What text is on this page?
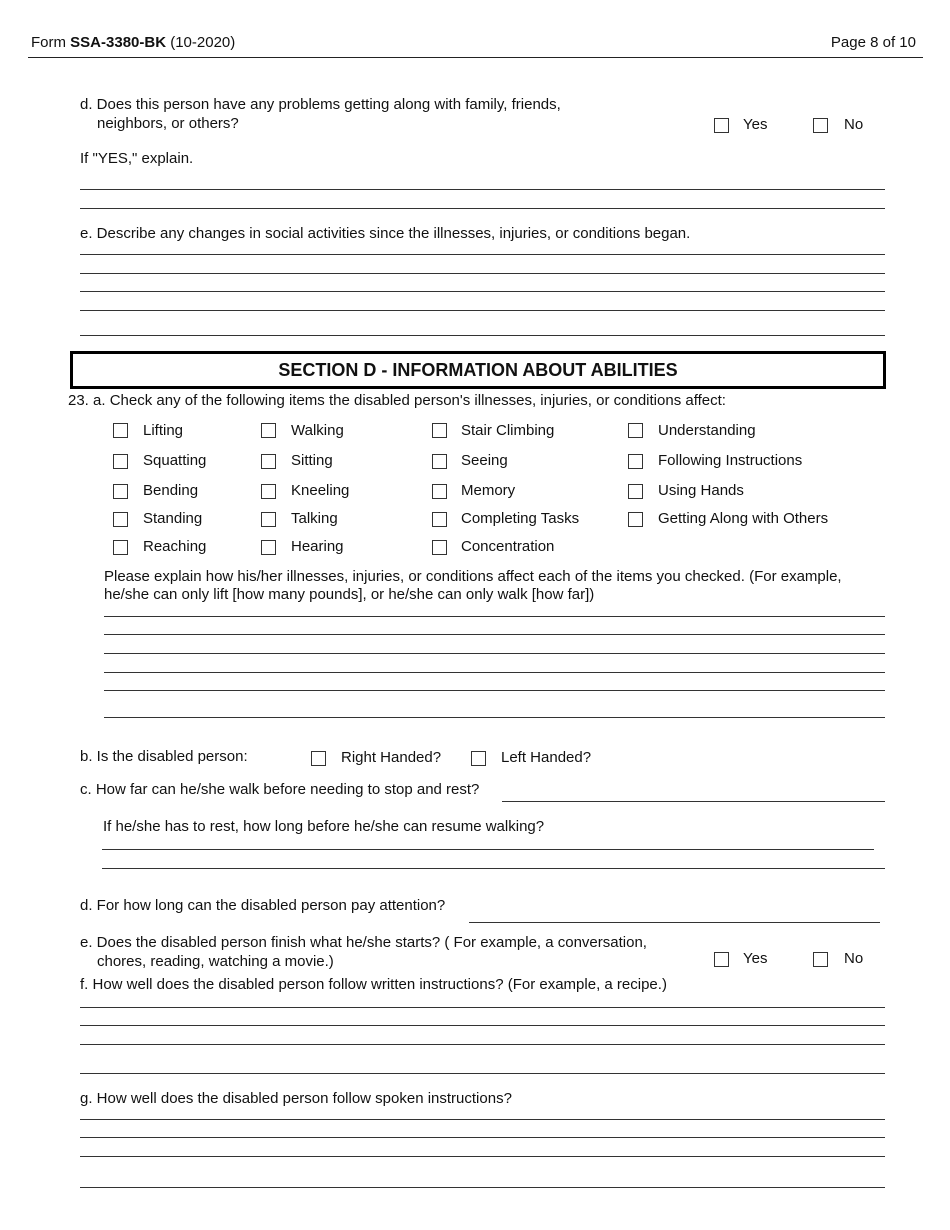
Form SSA-3380-BK (10-2020)	Page 8 of 10
d. Does this person have any problems getting along with family, friends,
neighbors, or others?	Yes	No
If "YES," explain.
e. Describe any changes in social activities since the illnesses, injuries, or conditions began.
SECTION D - INFORMATION ABOUT ABILITIES
23. a. Check any of the following items the disabled person's illnesses, injuries, or conditions affect:
Lifting	Walking	Stair Climbing	Understanding
Squatting	Sitting	Seeing	Following Instructions
Bending	Kneeling	Memory	Using Hands
Standing	Talking	Completing Tasks	Getting Along with Others
Reaching	Hearing	Concentration
Please explain how his/her illnesses, injuries, or conditions affect each of the items you checked. (For example,
he/she can only lift [how many pounds], or he/she can only walk [how far])
b. Is the disabled person:	Right Handed?	Left Handed?
c. How far can he/she walk before needing to stop and rest?
If he/she has to rest, how long before he/she can resume walking?
d. For how long can the disabled person pay attention?
e. Does the disabled person finish what he/she starts? ( For example, a conversation,
chores, reading, watching a movie.)	Yes	No
f. How well does the disabled person follow written instructions? (For example, a recipe.)
g. How well does the disabled person follow spoken instructions?
